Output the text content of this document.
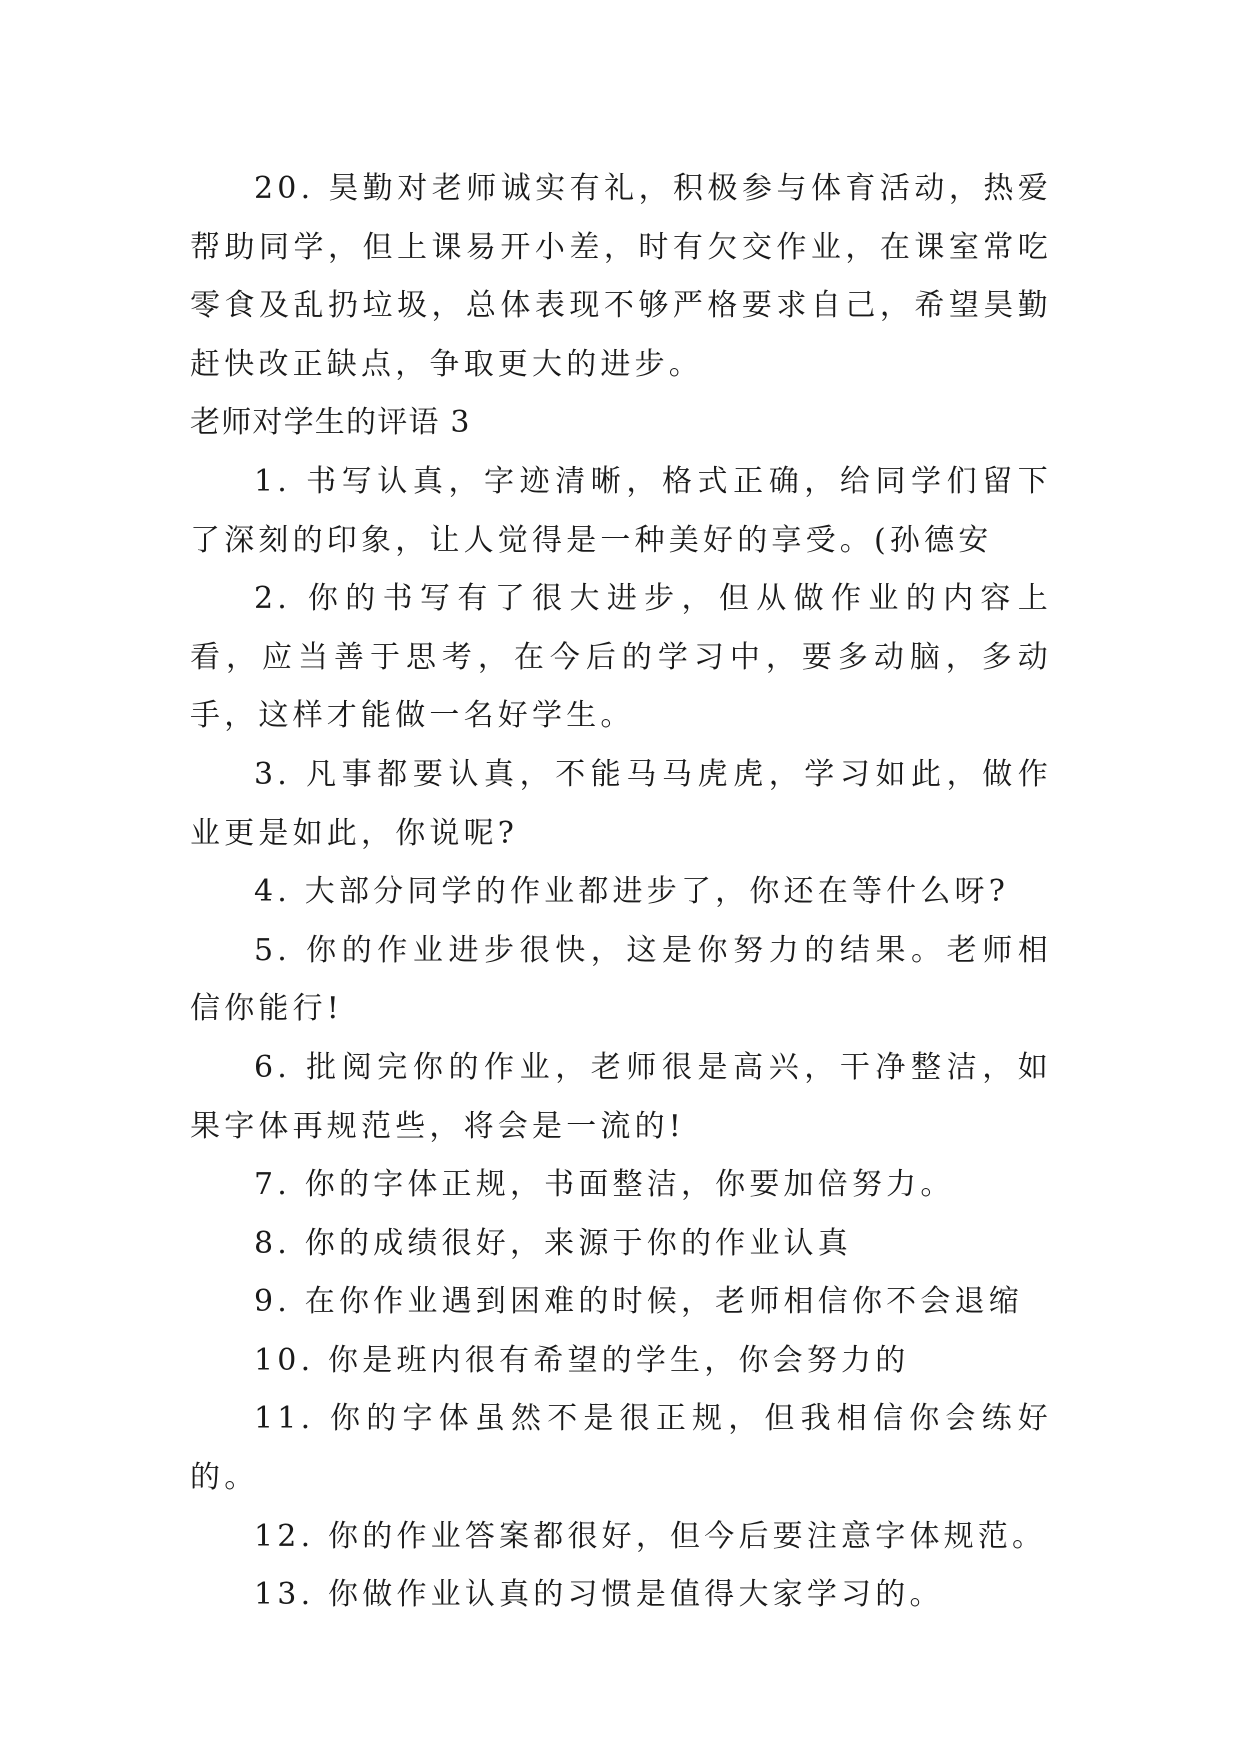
20. 昊勤对老师诚实有礼，积极参与体育活动，热爱帮助同学，但上课易开小差，时有欠交作业，在课室常吃零食及乱扔垃圾，总体表现不够严格要求自己，希望昊勤赶快改正缺点，争取更大的进步。

老师对学生的评语 3

1. 书写认真，字迹清晰，格式正确，给同学们留下了深刻的印象，让人觉得是一种美好的享受。(孙德安

2. 你的书写有了很大进步，但从做作业的内容上看，应当善于思考，在今后的学习中，要多动脑，多动手，这样才能做一名好学生。

3. 凡事都要认真，不能马马虎虎，学习如此，做作业更是如此，你说呢?

4. 大部分同学的作业都进步了，你还在等什么呀?

5. 你的作业进步很快，这是你努力的结果。老师相信你能行!

6. 批阅完你的作业，老师很是高兴，干净整洁，如果字体再规范些，将会是一流的!

7. 你的字体正规，书面整洁，你要加倍努力。

8. 你的成绩很好，来源于你的作业认真

9. 在你作业遇到困难的时候，老师相信你不会退缩

10. 你是班内很有希望的学生，你会努力的

11. 你的字体虽然不是很正规，但我相信你会练好的。

12. 你的作业答案都很好，但今后要注意字体规范。

13. 你做作业认真的习惯是值得大家学习的。
